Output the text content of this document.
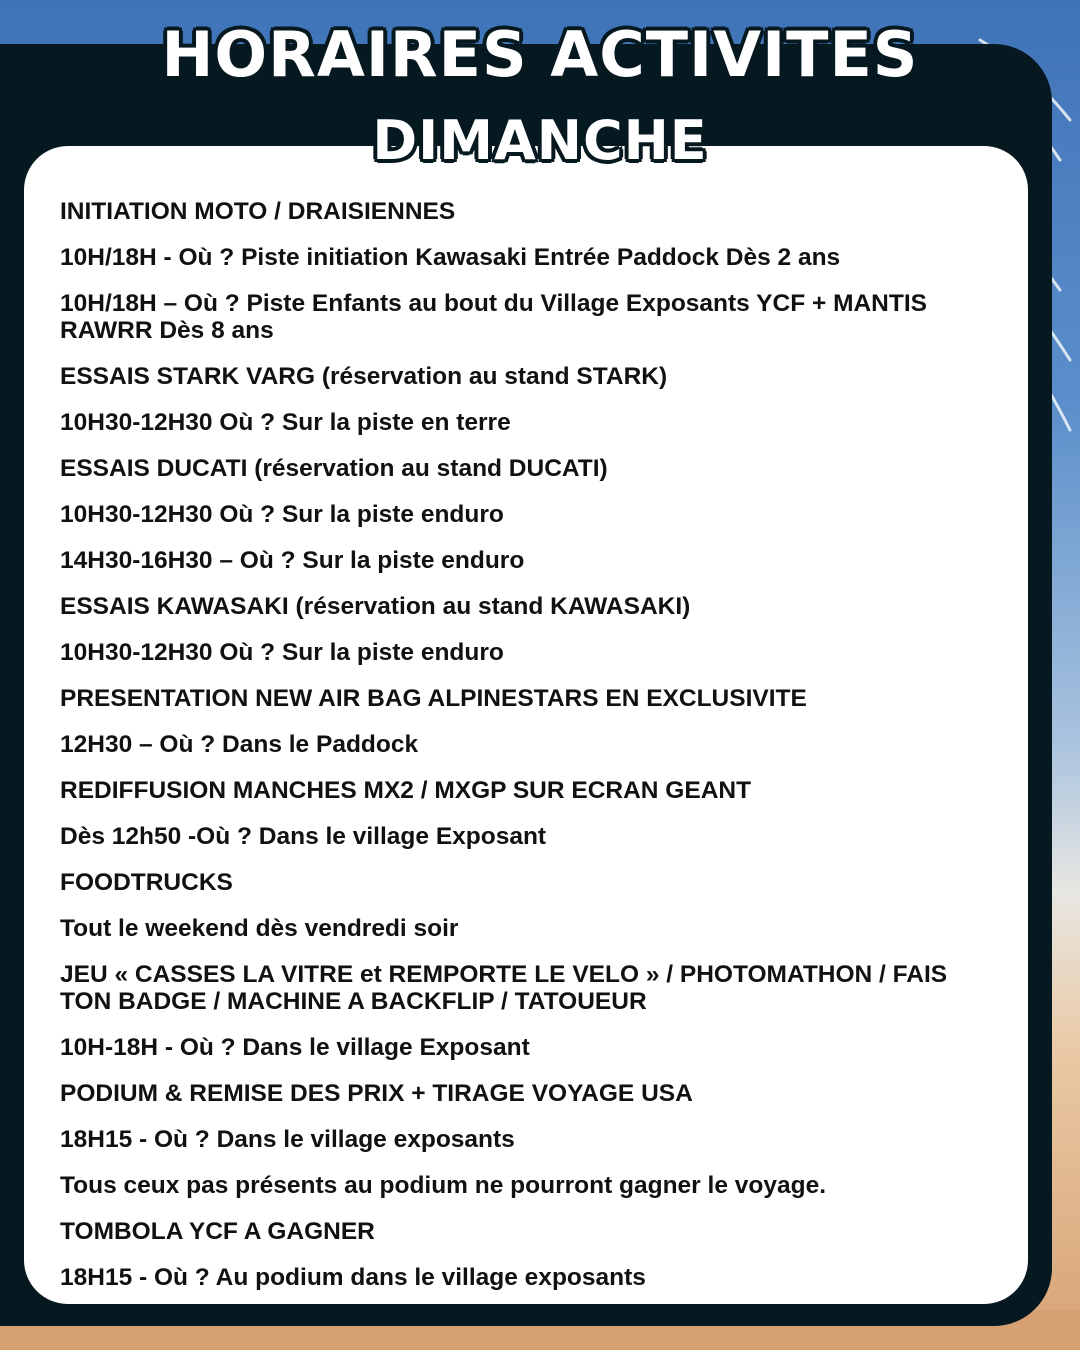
HORAIRES ACTIVITES
DIMANCHE
INITIATION MOTO / DRAISIENNES
10H/18H - Où ? Piste initiation Kawasaki Entrée Paddock Dès 2 ans
10H/18H – Où ? Piste Enfants au bout du Village Exposants YCF + MANTIS RAWRR Dès 8 ans
ESSAIS STARK VARG (réservation au stand STARK)
10H30-12H30 Où ? Sur la piste en terre
ESSAIS DUCATI (réservation au stand DUCATI)
10H30-12H30 Où ? Sur la piste enduro
14H30-16H30 – Où ? Sur la piste enduro
ESSAIS KAWASAKI (réservation au stand KAWASAKI)
10H30-12H30 Où ? Sur la piste enduro
PRESENTATION NEW AIR BAG ALPINESTARS EN EXCLUSIVITE
12H30 – Où ? Dans le Paddock
REDIFFUSION MANCHES MX2 / MXGP SUR ECRAN GEANT
Dès 12h50 -Où ? Dans le village Exposant
FOODTRUCKS
Tout le weekend dès vendredi soir
JEU « CASSES LA VITRE et REMPORTE LE VELO » / PHOTOMATHON / FAIS TON BADGE / MACHINE A BACKFLIP / TATOUEUR
10H-18H - Où ? Dans le village Exposant
PODIUM & REMISE DES PRIX + TIRAGE VOYAGE USA
18H15 - Où ? Dans le village exposants
Tous ceux pas présents au podium ne pourront gagner le voyage.
TOMBOLA YCF A GAGNER
18H15 - Où ? Au podium dans le village exposants
